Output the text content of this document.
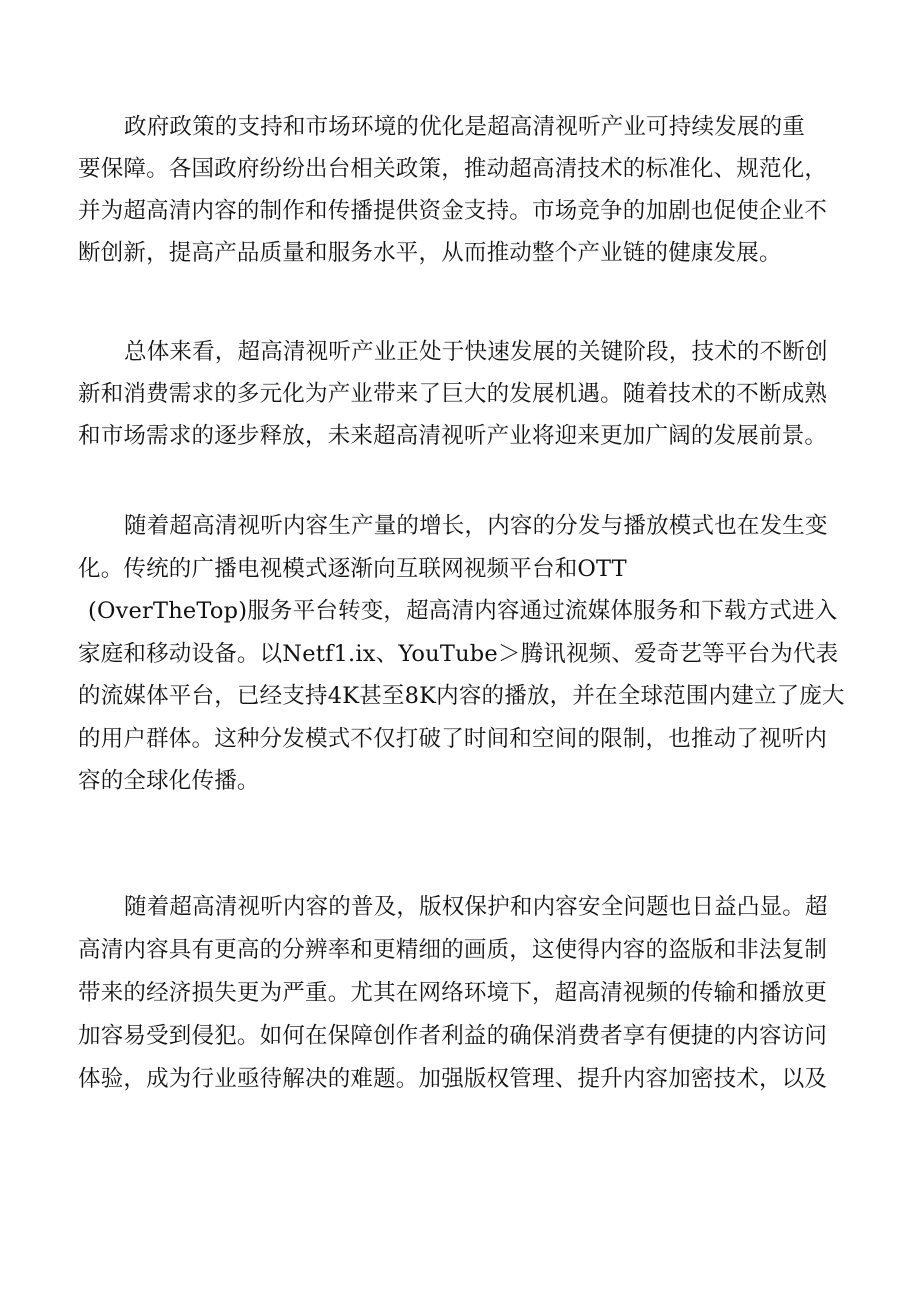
政府政策的支持和市场环境的优化是超高清视听产业可持续发展的重
要保障。各国政府纷纷出台相关政策，推动超高清技术的标准化、规范化，
并为超高清内容的制作和传播提供资金支持。市场竞争的加剧也促使企业不
断创新，提高产品质量和服务水平，从而推动整个产业链的健康发展。
总体来看，超高清视听产业正处于快速发展的关键阶段，技术的不断创
新和消费需求的多元化为产业带来了巨大的发展机遇。随着技术的不断成熟
和市场需求的逐步释放，未来超高清视听产业将迎来更加广阔的发展前景。
随着超高清视听内容生产量的增长，内容的分发与播放模式也在发生变
化。传统的广播电视模式逐渐向互联网视频平台和OTT
(OverTheTop)服务平台转变，超高清内容通过流媒体服务和下载方式进入
家庭和移动设备。以Netf1.ix、YouTube＞腾讯视频、爱奇艺等平台为代表
的流媒体平台，已经支持4K甚至8K内容的播放，并在全球范围内建立了庞大
的用户群体。这种分发模式不仅打破了时间和空间的限制，也推动了视听内
容的全球化传播。
随着超高清视听内容的普及，版权保护和内容安全问题也日益凸显。超
高清内容具有更高的分辨率和更精细的画质，这使得内容的盗版和非法复制
带来的经济损失更为严重。尤其在网络环境下，超高清视频的传输和播放更
加容易受到侵犯。如何在保障创作者利益的确保消费者享有便捷的内容访问
体验，成为行业亟待解决的难题。加强版权管理、提升内容加密技术，以及
